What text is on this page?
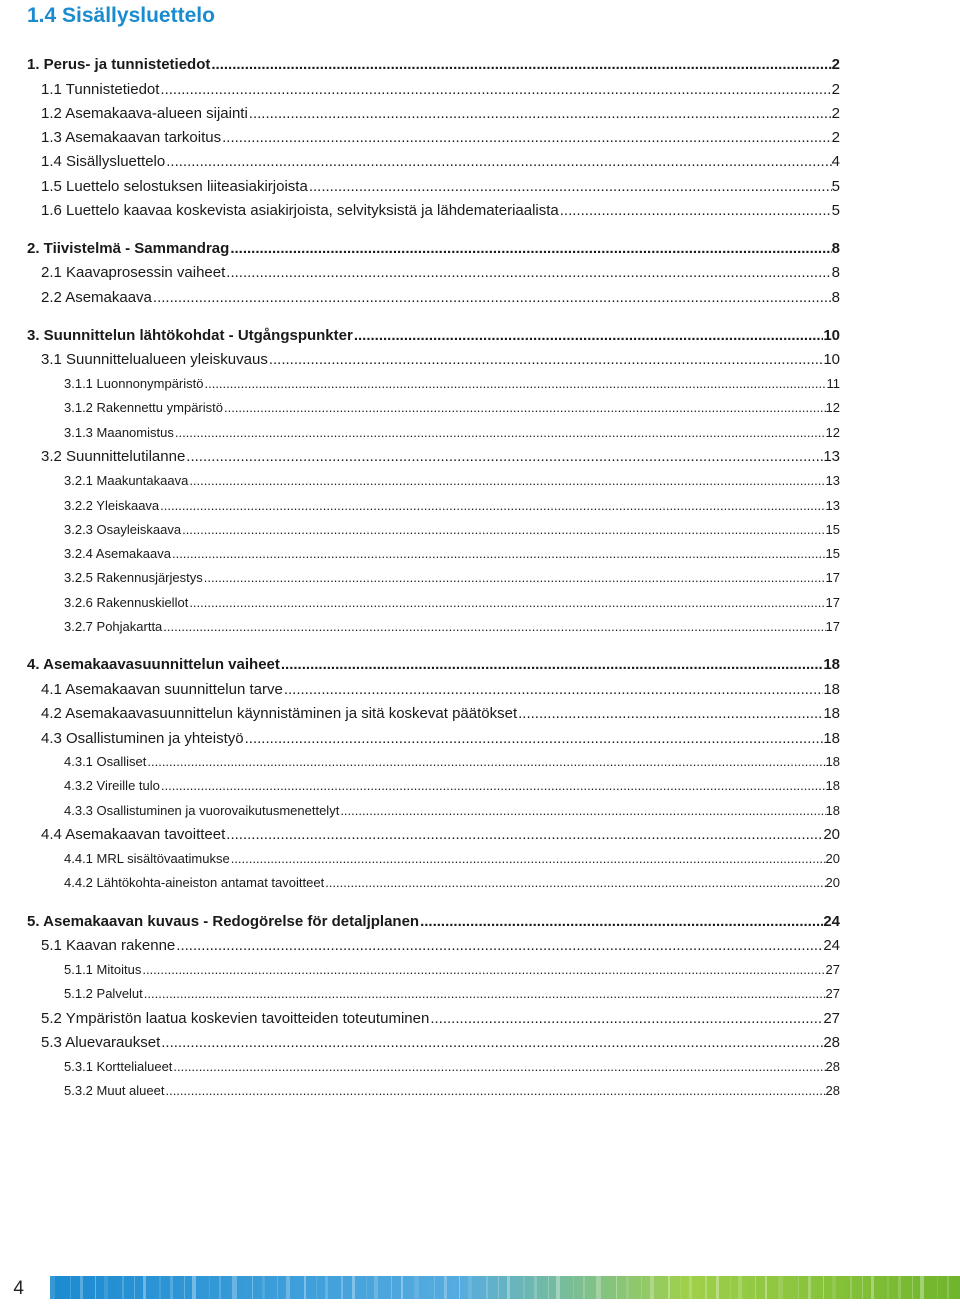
1.4 Sisällysluettelo
1. Perus- ja tunnistetiedot .....	2
1.1 Tunnistetiedot .....	2
1.2 Asemakaava-alueen sijainti .....	2
1.3 Asemakaavan tarkoitus .....	2
1.4 Sisällysluettelo .....	4
1.5 Luettelo selostuksen liiteasiakirjoista .....	5
1.6 Luettelo kaavaa koskevista asiakirjoista, selvityksistä ja lähdemateriaalista .....	5
2. Tiivistelmä - Sammandrag .....	8
2.1 Kaavaprosessin vaiheet .....	8
2.2 Asemakaava .....	8
3. Suunnittelun lähtökohdat - Utgångspunkter .....	10
3.1 Suunnittelualueen yleiskuvaus .....	10
3.1.1 Luonnonympäristö .....	11
3.1.2 Rakennettu ympäristö .....	12
3.1.3 Maanomistus .....	12
3.2 Suunnittelutilanne .....	13
3.2.1 Maakuntakaava .....	13
3.2.2 Yleiskaava .....	13
3.2.3 Osayleiskaava .....	15
3.2.4 Asemakaava .....	15
3.2.5 Rakennusjärjestys .....	17
3.2.6 Rakennuskiellot .....	17
3.2.7 Pohjakartta .....	17
4. Asemakaavasuunnittelun vaiheet .....	18
4.1 Asemakaavan suunnittelun tarve .....	18
4.2 Asemakaavasuunnittelun käynnistäminen ja sitä koskevat päätökset .....	18
4.3 Osallistuminen ja yhteistyö .....	18
4.3.1 Osalliset .....	18
4.3.2 Vireille tulo .....	18
4.3.3 Osallistuminen ja vuorovaikutusmenettelyt .....	18
4.4 Asemakaavan tavoitteet .....	20
4.4.1 MRL sisältövaatimukse .....	20
4.4.2 Lähtökohta-aineiston antamat tavoitteet .....	20
5. Asemakaavan kuvaus - Redogörelse för detaljplanen .....	24
5.1 Kaavan rakenne .....	24
5.1.1 Mitoitus .....	27
5.1.2 Palvelut .....	27
5.2 Ympäristön laatua koskevien tavoitteiden toteutuminen .....	27
5.3 Aluevaraukset .....	28
5.3.1 Korttelialueet .....	28
5.3.2 Muut alueet .....	28
4
